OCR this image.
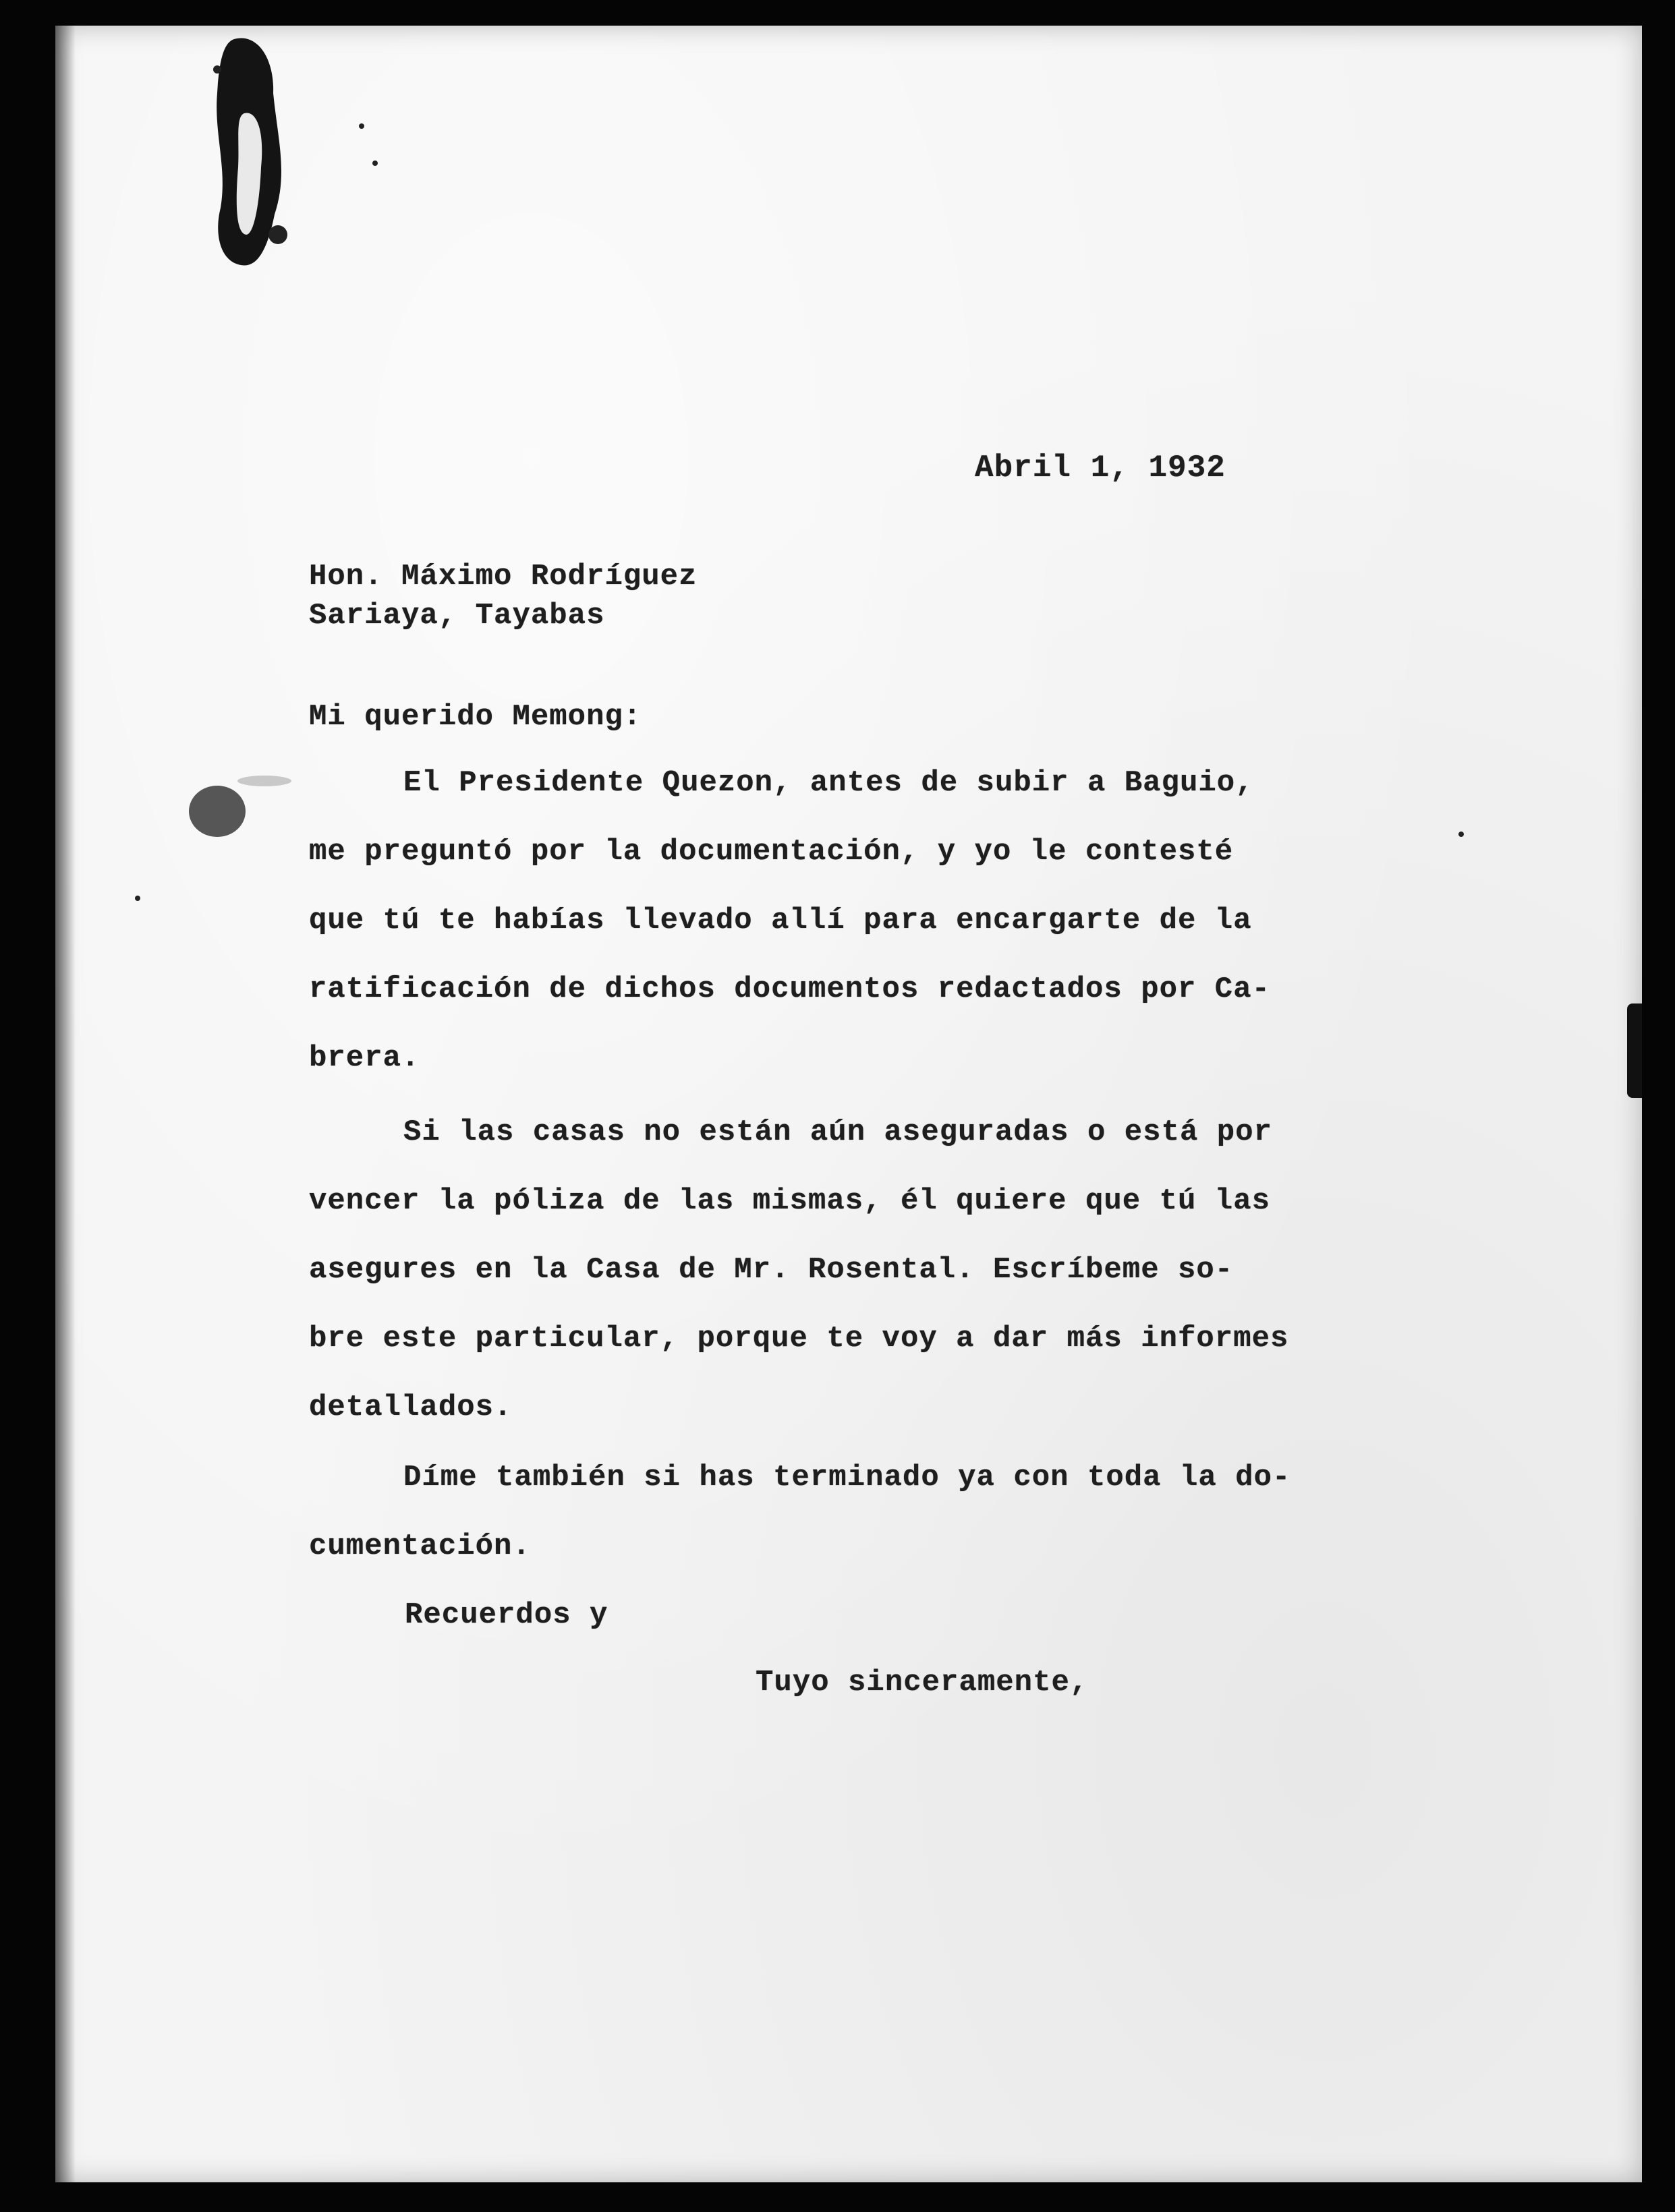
Abril 1, 1932
Hon. Máximo Rodríguez
Sariaya, Tayabas
Mi querido Memong:
El Presidente Quezon, antes de subir a Baguio,
me preguntó por la documentación, y yo le contesté
que tú te habías llevado allí para encargarte de la
ratificación de dichos documentos redactados por Ca-
brera.
Si las casas no están aún aseguradas o está por
vencer la póliza de las mismas, él quiere que tú las
asegures en la Casa de Mr. Rosental. Escríbeme so-
bre este particular, porque te voy a dar más informes
detallados.
Díme también si has terminado ya con toda la do-
cumentación.
Recuerdos y
Tuyo sinceramente,
